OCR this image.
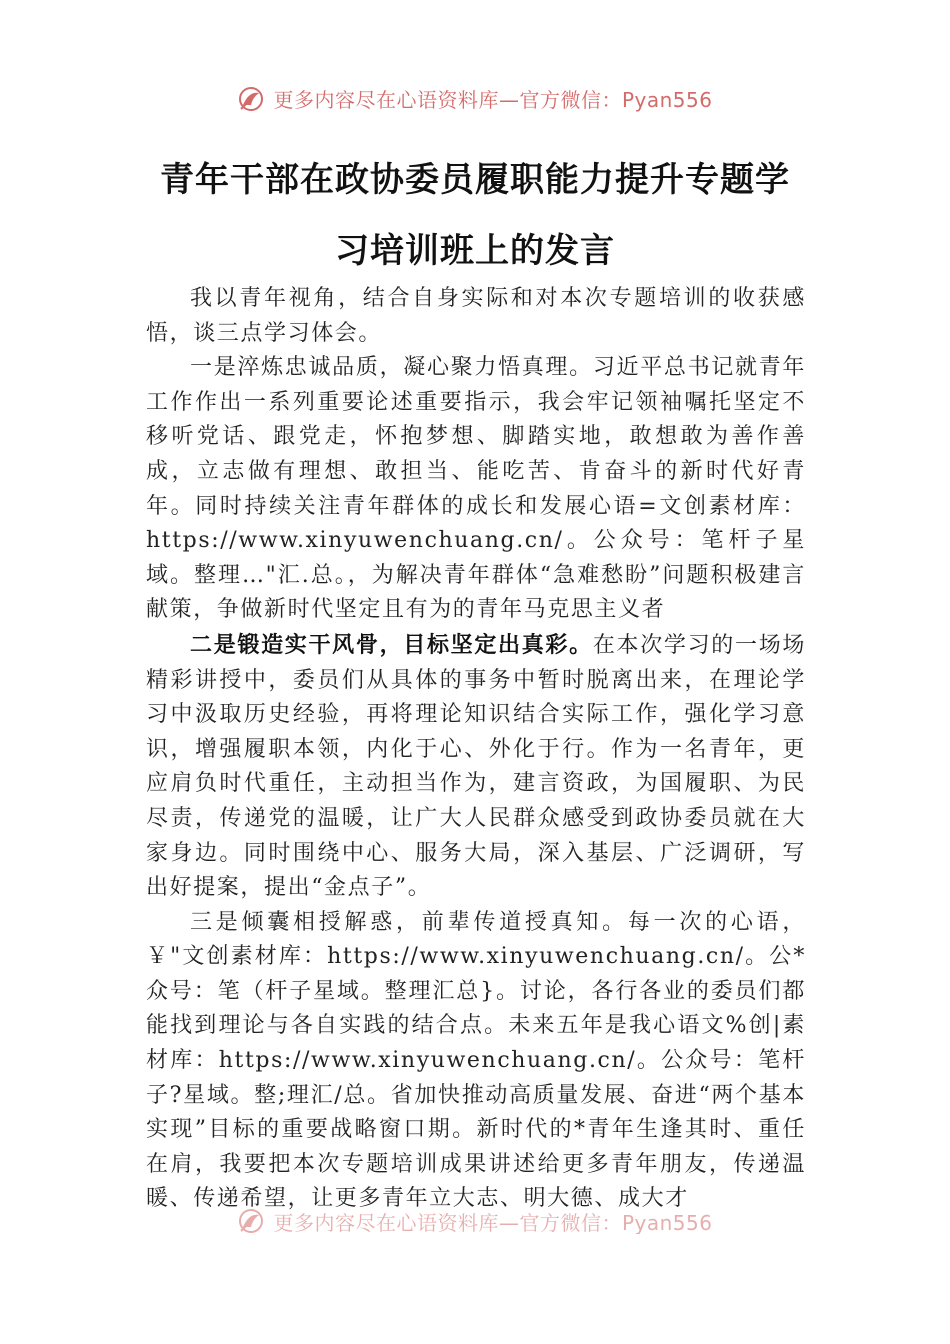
更多内容尽在心语资料库—官方微信：Pyan556
青年干部在政协委员履职能力提升专题学
习培训班上的发言

我以青年视角，结合自身实际和对本次专题培训的收获感悟，谈三点学习体会。

一是淬炼忠诚品质，凝心聚力悟真理。习近平总书记就青年工作作出一系列重要论述重要指示，我会牢记领袖嘱托坚定不移听党话、跟党走，怀抱梦想、脚踏实地，敢想敢为善作善成，立志做有理想、敢担当、能吃苦、肯奋斗的新时代好青年。同时持续关注青年群体的成长和发展心语=文创素材库：https://www.xinyuwenchuang.cn/。公众号：笔杆子星域。整理…"汇.总。，为解决青年群体“急难愁盼”问题积极建言献策，争做新时代坚定且有为的青年马克思主义者

二是锻造实干风骨，目标坚定出真彩。在本次学习的一场场精彩讲授中，委员们从具体的事务中暂时脱离出来，在理论学习中汲取历史经验，再将理论知识结合实际工作，强化学习意识，增强履职本领，内化于心、外化于行。作为一名青年，更应肩负时代重任，主动担当作为，建言资政，为国履职、为民尽责，传递党的温暖，让广大人民群众感受到政协委员就在大家身边。同时围绕中心、服务大局，深入基层、广泛调研，写出好提案，提出“金点子”。

三是倾囊相授解惑，前辈传道授真知。每一次的心语，￥"文创素材库：https://www.xinyuwenchuang.cn/。公*众号：笔（杆子星域。整理汇总}。讨论，各行各业的委员们都能找到理论与各自实践的结合点。未来五年是我心语文%创|素材库：https://www.xinyuwenchuang.cn/。公众号：笔杆子?星域。整;理汇/总。省加快推动高质量发展、奋进“两个基本实现”目标的重要战略窗口期。新时代的*青年生逢其时、重任在肩，我要把本次专题培训成果讲述给更多青年朋友，传递温暖、传递希望，让更多青年立大志、明大德、成大才

更多内容尽在心语资料库—官方微信：Pyan556
